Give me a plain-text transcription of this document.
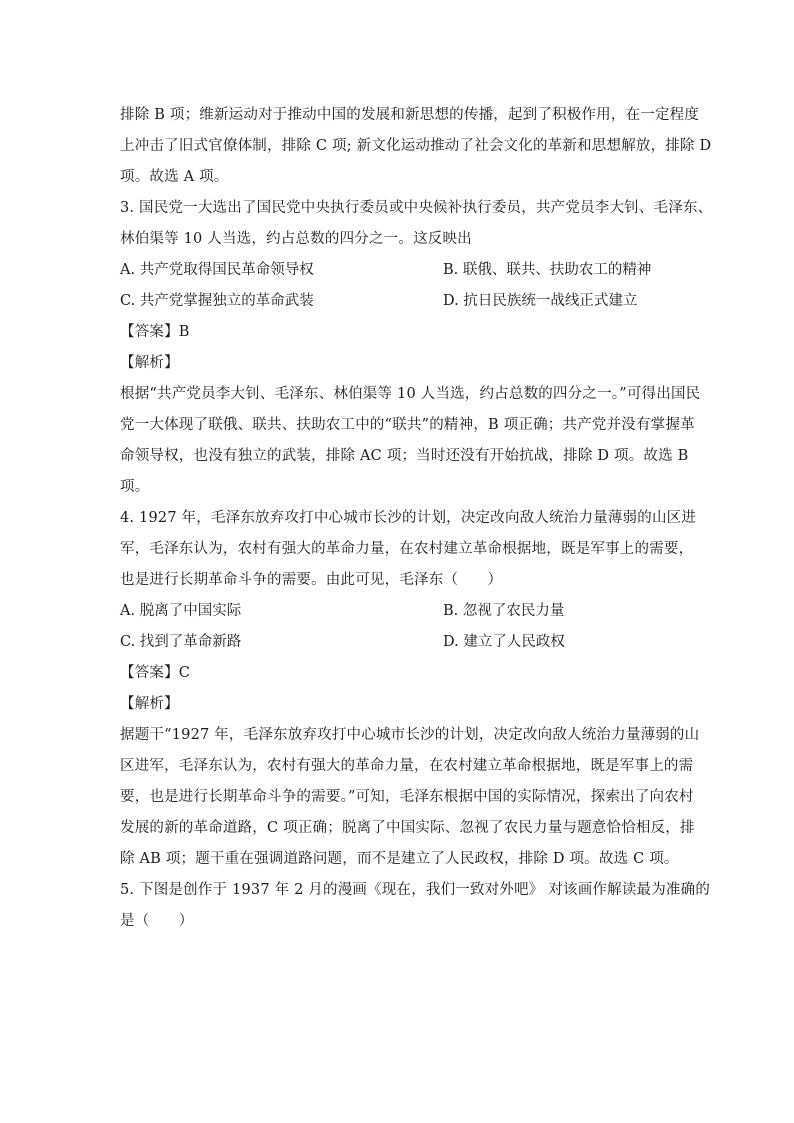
排除 B 项；维新运动对于推动中国的发展和新思想的传播，起到了积极作用，在一定程度
上冲击了旧式官僚体制，排除 C 项; 新文化运动推动了社会文化的革新和思想解放，排除 D
项。故选 A 项。
3. 国民党一大选出了国民党中央执行委员或中央候补执行委员，共产党员李大钊、毛泽东、
林伯渠等 10 人当选，约占总数的四分之一。这反映出
A. 共产党取得国民革命领导权	B. 联俄、联共、扶助农工的精神
C. 共产党掌握独立的革命武装	D. 抗日民族统一战线正式建立
【答案】B
【解析】
根据“共产党员李大钊、毛泽东、林伯渠等 10 人当选，约占总数的四分之一。”可得出国民
党一大体现了联俄、联共、扶助农工中的“联共”的精神，B 项正确；共产党并没有掌握革
命领导权，也没有独立的武装，排除 AC 项；当时还没有开始抗战，排除 D 项。故选 B
项。
4. 1927 年，毛泽东放弃攻打中心城市长沙的计划，决定改向敌人统治力量薄弱的山区进
军，毛泽东认为，农村有强大的革命力量，在农村建立革命根据地，既是军事上的需要，
也是进行长期革命斗争的需要。由此可见，毛泽东（　　）
A. 脱离了中国实际	B. 忽视了农民力量
C. 找到了革命新路	D. 建立了人民政权
【答案】C
【解析】
据题干“1927 年，毛泽东放弃攻打中心城市长沙的计划，决定改向敌人统治力量薄弱的山
区进军，毛泽东认为，农村有强大的革命力量，在农村建立革命根据地，既是军事上的需
要，也是进行长期革命斗争的需要。”可知，毛泽东根据中国的实际情况，探索出了向农村
发展的新的革命道路，C 项正确；脱离了中国实际、忽视了农民力量与题意恰恰相反，排
除 AB 项；题干重在强调道路问题，而不是建立了人民政权，排除 D 项。故选 C 项。
5. 下图是创作于 1937 年 2 月的漫画《现在，我们一致对外吧》 对该画作解读最为准确的
是（　　）
